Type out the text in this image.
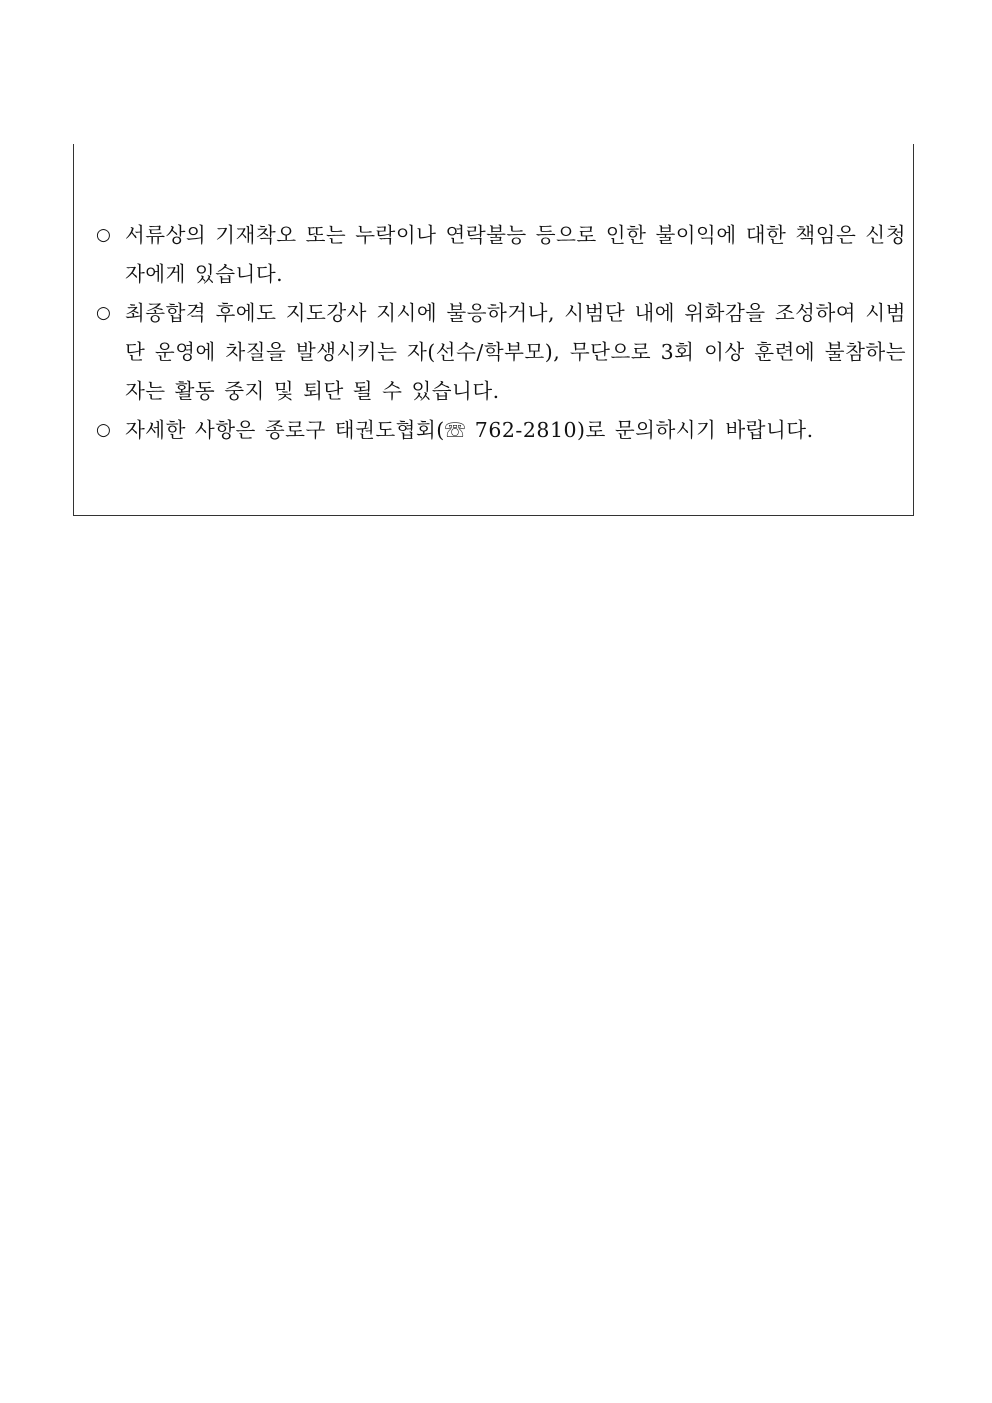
○ 서류상의 기재착오 또는 누락이나 연락불능 등으로 인한 불이익에 대한 책임은 신청자에게 있습니다.
○ 최종합격 후에도 지도강사 지시에 불응하거나, 시범단 내에 위화감을 조성하여 시범단 운영에 차질을 발생시키는 자(선수/학부모), 무단으로 3회 이상 훈련에 불참하는 자는 활동 중지 및 퇴단 될 수 있습니다.
○ 자세한 사항은 종로구 태권도협회(☏ 762-2810)로 문의하시기 바랍니다.
